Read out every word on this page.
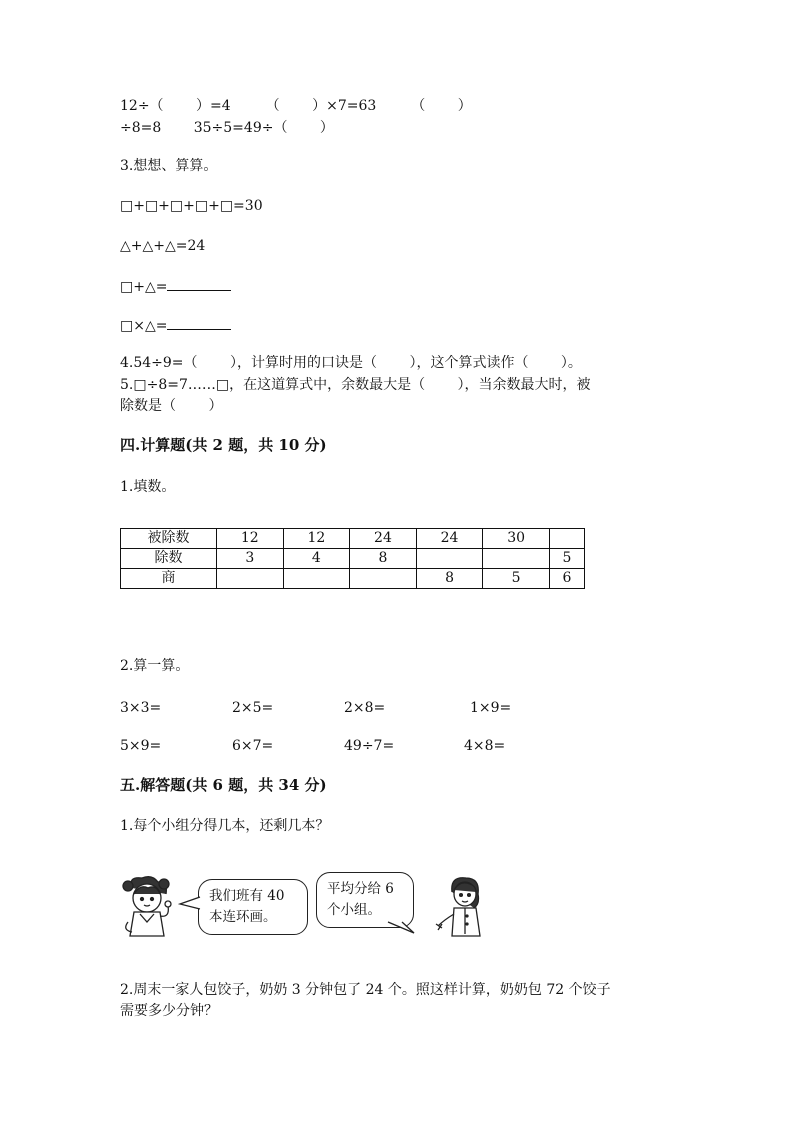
12÷（　　 ）=4　　　（　　 ）×7=63　　　（　　 ）
÷8=8　　 35÷5=49÷（　　 ）
3.想想、算算。
□+□+□+□+□=30
△+△+△=24
□+△=
□×△=
4.54÷9=（　　 ），计算时用的口诀是（　　 ），这个算式读作（　　 ）。
5.□÷8=7……□，在这道算式中，余数最大是（　　 ），当余数最大时，被
除数是（　　 ）
四.计算题(共 2 题，共 10 分)
1.填数。
被除数	12	12	24	24	30	
除数	3	4	8			5
商				8	5	6
2.算一算。
3×3=	2×5=	2×8=	1×9=
5×9=	6×7=	49÷7=	4×8=
五.解答题(共 6 题，共 34 分)
1.每个小组分得几本，还剩几本？
我们班有 40
本连环画。
平均分给 6
个小组。
2.周末一家人包饺子，奶奶 3 分钟包了 24 个。照这样计算，奶奶包 72 个饺子
需要多少分钟？
